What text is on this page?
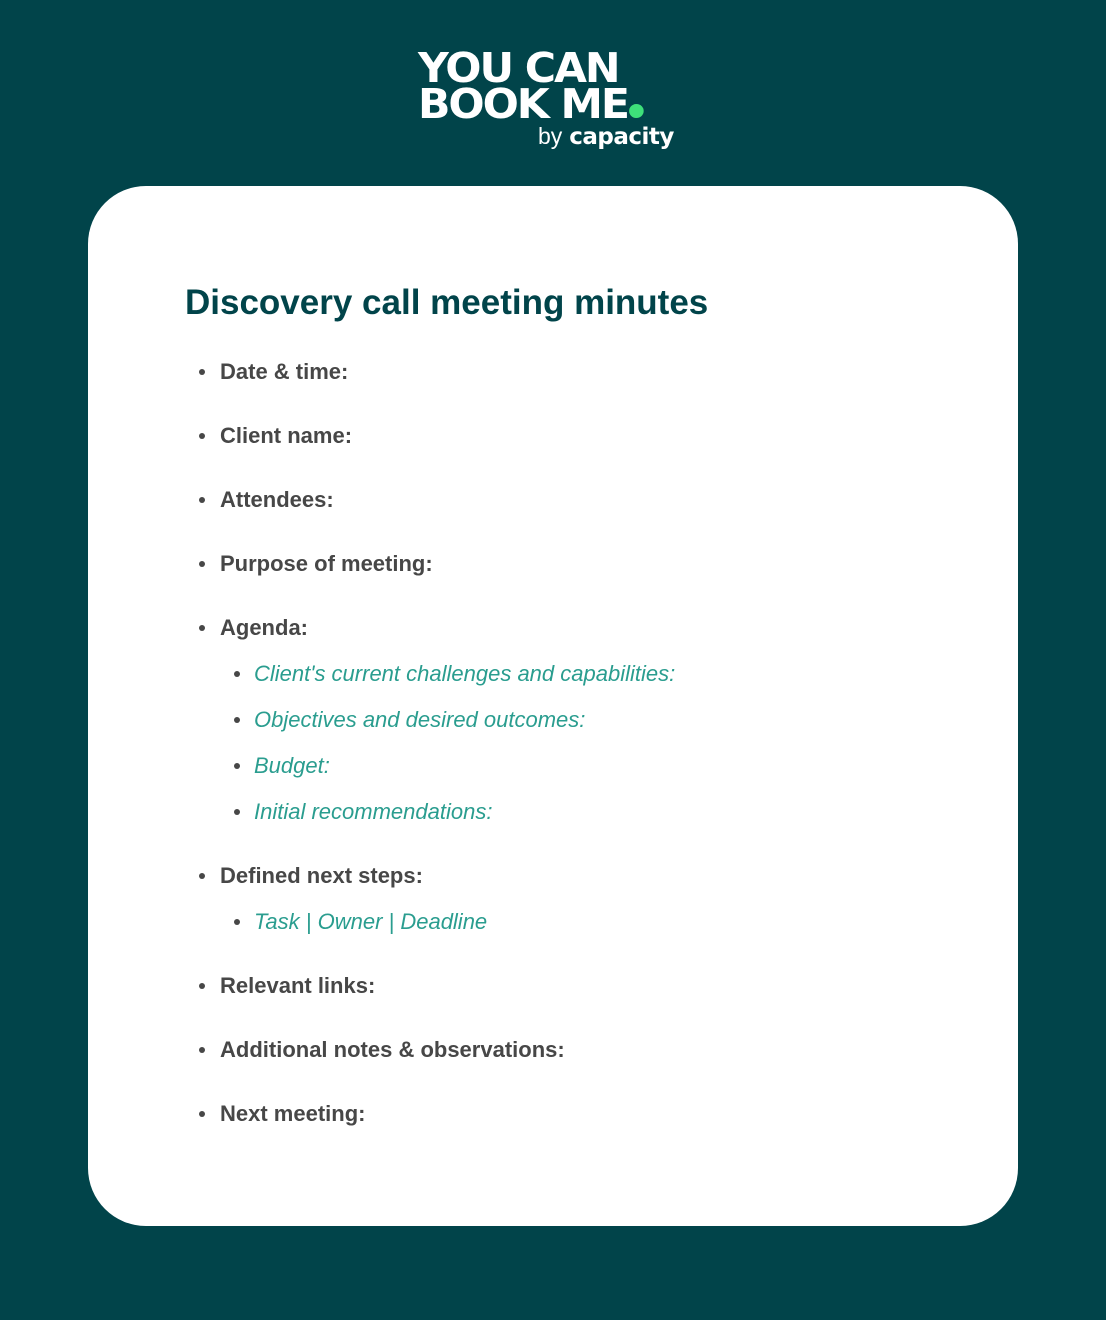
YOU CAN
BOOK ME
by capacity
Discovery call meeting minutes
Date & time:
Client name:
Attendees:
Purpose of meeting:
Agenda:
Client's current challenges and capabilities:
Objectives and desired outcomes:
Budget:
Initial recommendations:
Defined next steps:
Task | Owner | Deadline
Relevant links:
Additional notes & observations:
Next meeting:
